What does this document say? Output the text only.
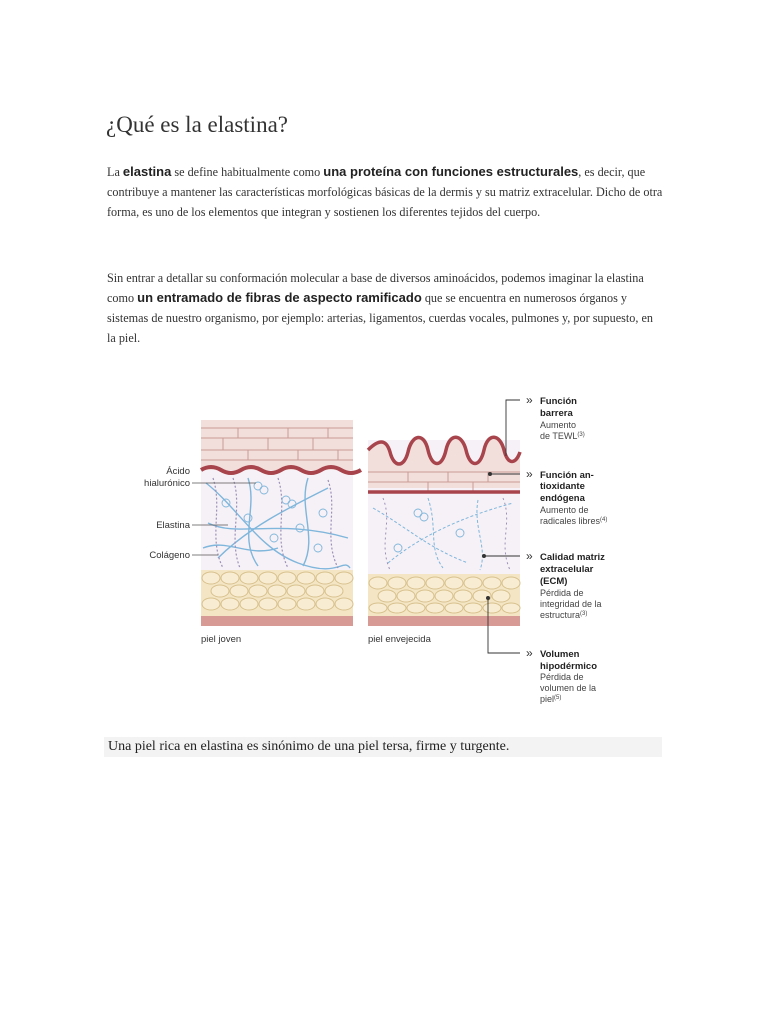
¿Qué es la elastina?

La elastina se define habitualmente como una proteína con funciones estructurales, es decir, que contribuye a mantener las características morfológicas básicas de la dermis y su matriz extracelular. Dicho de otra forma, es uno de los elementos que integran y sostienen los diferentes tejidos del cuerpo.

Sin entrar a detallar su conformación molecular a base de diversos aminoácidos, podemos imaginar la elastina como un entramado de fibras de aspecto ramificado que se encuentra en numerosos órganos y sistemas de nuestro organismo, por ejemplo: arterias, ligamentos, cuerdas vocales, pulmones y, por supuesto, en la piel.

Ácido
hialurónico
Elastina
Colágeno
piel joven	piel envejecida
» Función
barrera
Aumento
de TEWL$^{(3)}$
» Función an-
tioxidante
endógena
Aumento de
radicales libres$^{(4)}$
» Calidad matriz
extracelular
(ECM)
Pérdida de
integridad de la
estructura$^{(3)}$
» Volumen
hipodérmico
Pérdida de
volumen de la
piel$^{(5)}$
Una piel rica en elastina es sinónimo de una piel tersa, firme y turgente.
